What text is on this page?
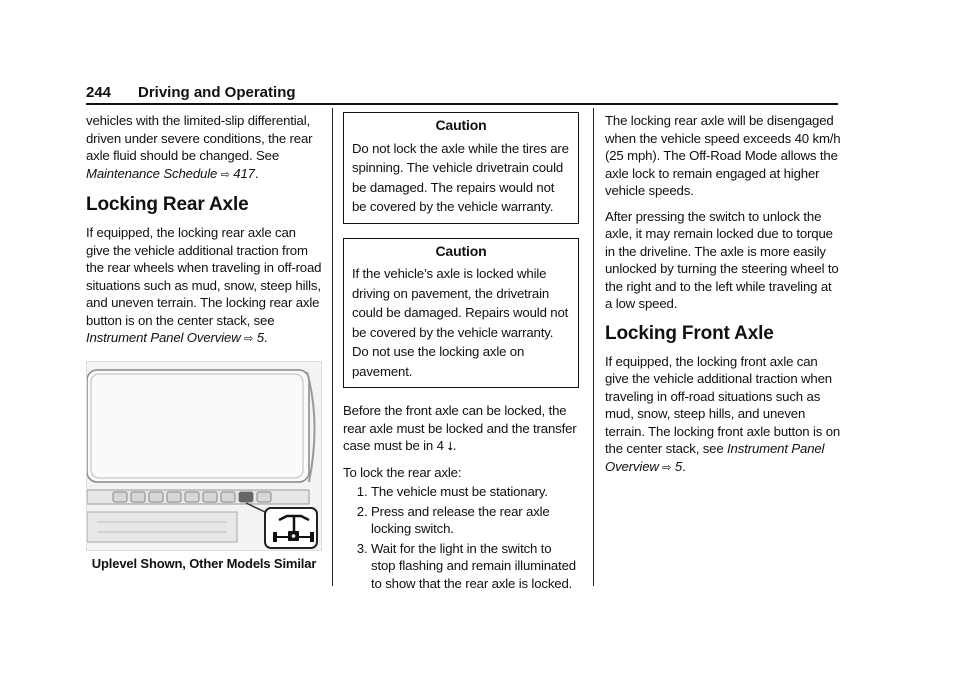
244 Driving and Operating

vehicles with the limited-slip differential, driven under severe conditions, the rear axle fluid should be changed. See Maintenance Schedule ⇨ 417.

Locking Rear Axle

If equipped, the locking rear axle can give the vehicle additional traction from the rear wheels when traveling in off-road situations such as mud, snow, steep hills, and uneven terrain. The locking rear axle button is on the center stack, see Instrument Panel Overview ⇨ 5.

Uplevel Shown, Other Models Similar
Caution
Do not lock the axle while the tires are spinning. The vehicle drivetrain could be damaged. The repairs would not be covered by the vehicle warranty.
Caution
If the vehicle’s axle is locked while driving on pavement, the drivetrain could be damaged. Repairs would not be covered by the vehicle warranty. Do not use the locking axle on pavement.

Before the front axle can be locked, the rear axle must be locked and the transfer case must be in 4 ⭣.

To lock the rear axle:

1. The vehicle must be stationary.
2. Press and release the rear axle locking switch.
3. Wait for the light in the switch to stop flashing and remain illuminated to show that the rear axle is locked.

The locking rear axle will be disengaged when the vehicle speed exceeds 40 km/h (25 mph). The Off-Road Mode allows the axle lock to remain engaged at higher vehicle speeds.

After pressing the switch to unlock the axle, it may remain locked due to torque in the driveline. The axle is more easily unlocked by turning the steering wheel to the right and to the left while traveling at a low speed.

Locking Front Axle

If equipped, the locking front axle can give the vehicle additional traction when traveling in off-road situations such as mud, snow, steep hills, and uneven terrain. The locking front axle button is on the center stack, see Instrument Panel Overview ⇨ 5.
